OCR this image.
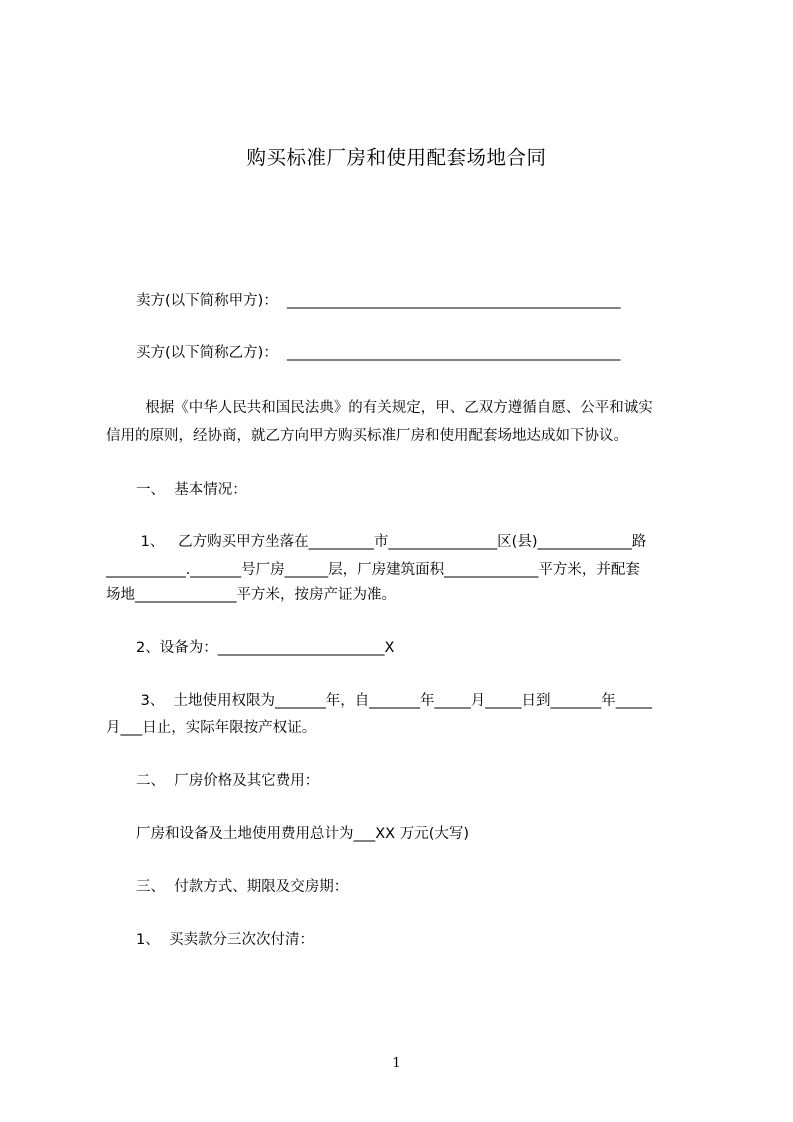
购买标准厂房和使用配套场地合同
卖方(以下简称甲方)：  ______________________________________________
买方(以下简称乙方)：  ______________________________________________
根据《中华人民共和国民法典》的有关规定，甲、乙双方遵循自愿、公平和诚实
信用的原则，经协商，就乙方向甲方购买标准厂房和使用配套场地达成如下协议。
一、  基本情况：
1、   乙方购买甲方坐落在_________市_______________区(县)_____________路
___________._______号厂房______层，厂房建筑面积_____________平方米，并配套
场地______________平方米，按房产证为准。
2、设备为：_______________________X
3、  土地使用权限为_______年，自_______年_____月_____日到_______年_____
月___日止，实际年限按产权证。
二、  厂房价格及其它费用：
厂房和设备及土地使用费用总计为___XX 万元(大写)
三、  付款方式、期限及交房期：
1、  买卖款分三次次付清：
1
